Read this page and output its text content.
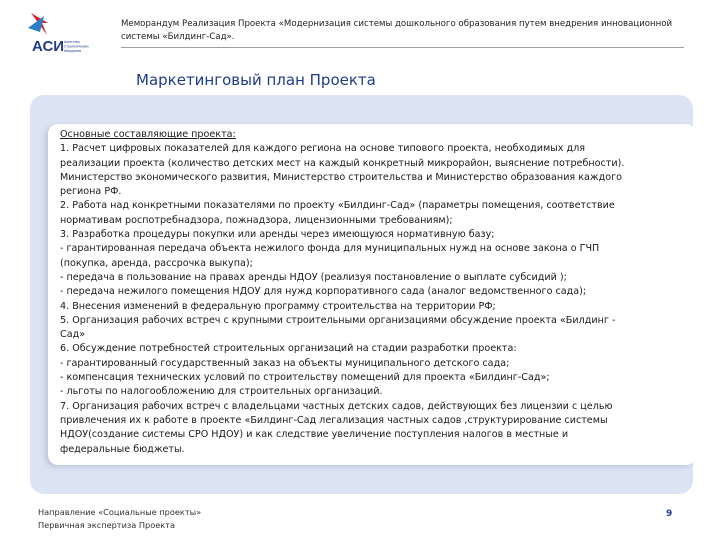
АСИ Агентство
Стратегических
Инициатив
Меморандум Реализация Проекта «Модернизация системы дошкольного образования путем внедрения инновационной
системы «Билдинг-Сад».
Маркетинговый план Проекта
Основные составляющие проекта:
1. Расчет цифровых показателей для каждого региона на основе типового проекта, необходимых для
реализации проекта (количество детских мест на каждый конкретный микрорайон, выяснение потребности).
Министерство экономического развития, Министерство строительства и Министерство образования каждого
региона РФ.
2. Работа над конкретными показателями по проекту «Билдинг-Сад» (параметры помещения, соответствие
нормативам роспотребнадзора, пожнадзора, лицензионными требованиям);
3. Разработка процедуры покупки или аренды через имеющуюся нормативную базу;
- гарантированная передача объекта нежилого фонда для муниципальных нужд на основе закона о ГЧП
(покупка, аренда, рассрочка выкупа);
- передача в пользование на правах аренды НДОУ (реализуя постановление о выплате субсидий );
- передача нежилого помещения НДОУ для нужд корпоративного сада (аналог ведомственного сада);
4. Внесения изменений в федеральную программу строительства на территории РФ;
5. Организация рабочих встреч с крупными строительными организациями обсуждение проекта «Билдинг -
Сад»
6. Обсуждение потребностей строительных организаций на стадии разработки проекта:
- гарантированный государственный заказ на объекты муниципального детского сада;
- компенсация технических условий по строительству помещений для проекта «Билдинг-Сад»;
- льготы по налогообложению для строительных организаций.
7. Организация рабочих встреч с владельцами частных детских садов, действующих без лицензии с целью
привлечения их к работе в проекте «Билдинг-Сад легализация частных садов ,структурирование системы
НДОУ(создание системы СРО НДОУ) и как следствие увеличение поступления налогов в местные и
федеральные бюджеты.
Направление «Социальные проекты»
Первичная экспертиза Проекта
9
